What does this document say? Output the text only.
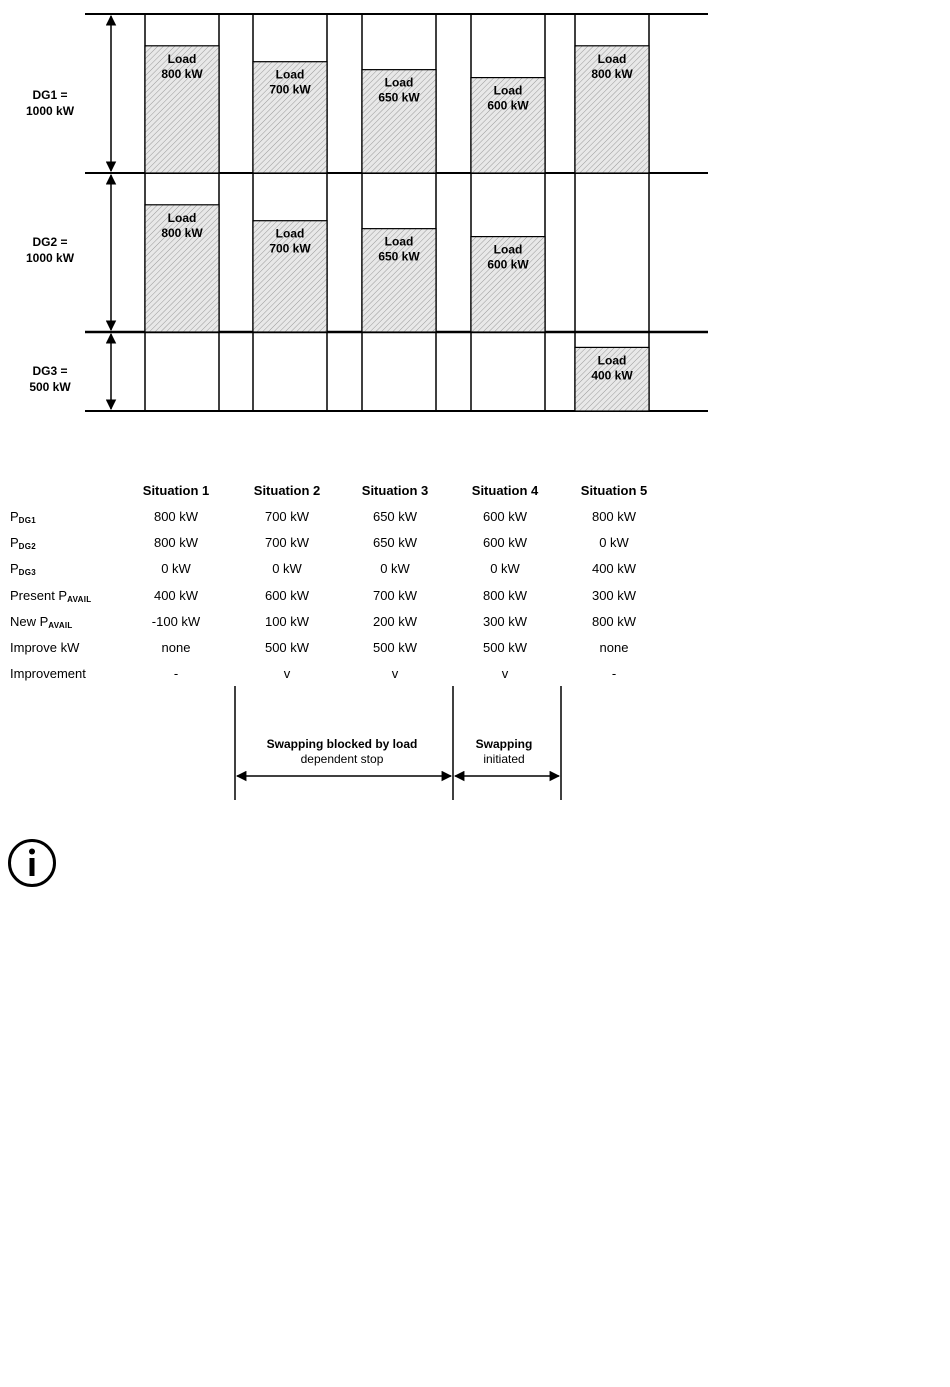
DG1 =
1000 kW
DG2 =
1000 kW
DG3 =
500 kW
Load
800 kW	Load
700 kW
Load
650 kW
Load
600 kW
Load
800 kW
Load
800 kW	Load
700 kW
Load
650 kW
Load
600 kW
Load
400 kW
Swapping blocked by load
dependent stop
Swapping
initiated
Situation 1	Situation 2	Situation 3	Situation 4	Situation 5
$P_{DG1}$	800 kW	700 kW	650 kW	600 kW	800 kW
$P_{DG2}$	800 kW	700 kW	650 kW	600 kW	0 kW
$P_{DG3}$	0 kW	0 kW	0 kW	0 kW	400 kW
Present $P_{AVAIL}$	400 kW	600 kW	700 kW	800 kW	300 kW
New $P_{AVAIL}$	-100 kW	100 kW	200 kW	300 kW	800 kW
Improve kW	none	500 kW	500 kW	500 kW	none
Improvement	-	v	v	v	-
